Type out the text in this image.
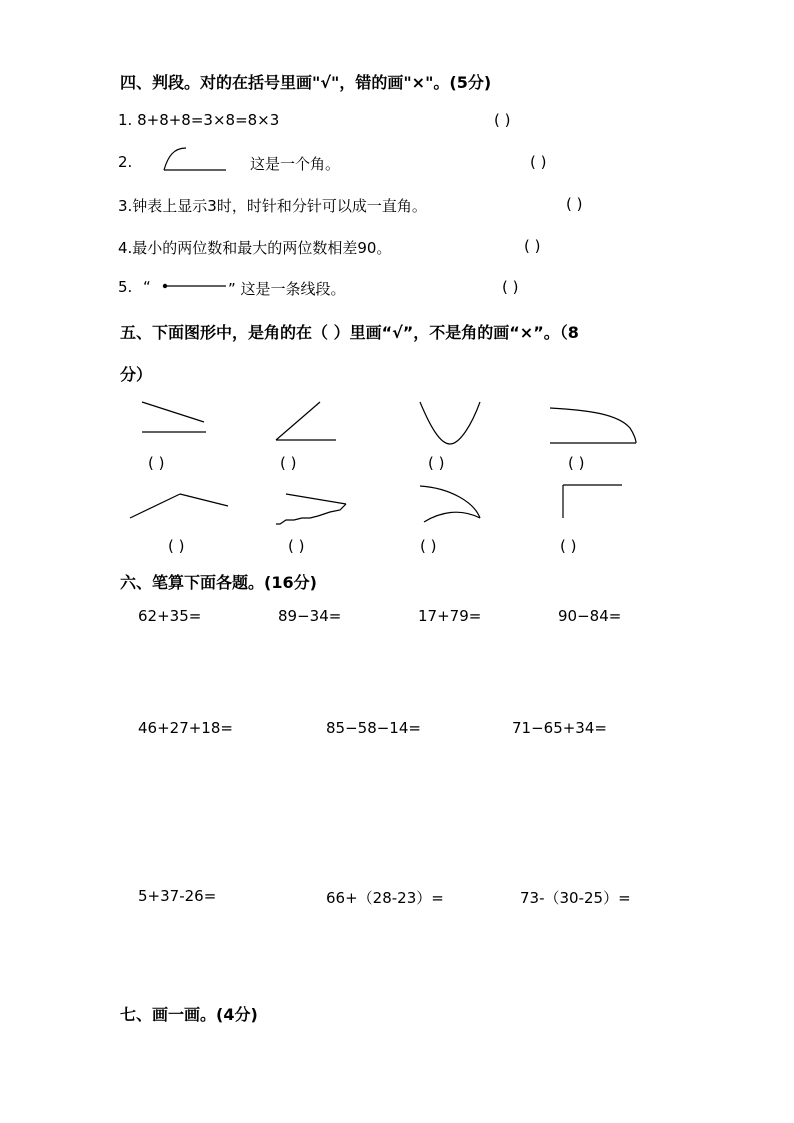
四、判段。对的在括号里画"√"，错的画"×"。(5分)
1. 8+8+8=3×8=8×3	( )
2.	这是一个角。	( )
3.钟表上显示3时，时针和分针可以成一直角。	( )
4.最小的两位数和最大的两位数相差90。	( )
5. “	” 这是一条线段。	( )
五、下面图形中，是角的在（ ）里画“√”，不是角的画“×”。（8
分）
( )	( )	( )	( )
( )	( )	( )	( )
六、笔算下面各题。(16分)
62+35=	89−34=	17+79=	90−84=
46+27+18=	85−58−14=	71−65+34=
5+37-26=	66+（28-23）=	73-（30-25）=
七、画一画。(4分)
